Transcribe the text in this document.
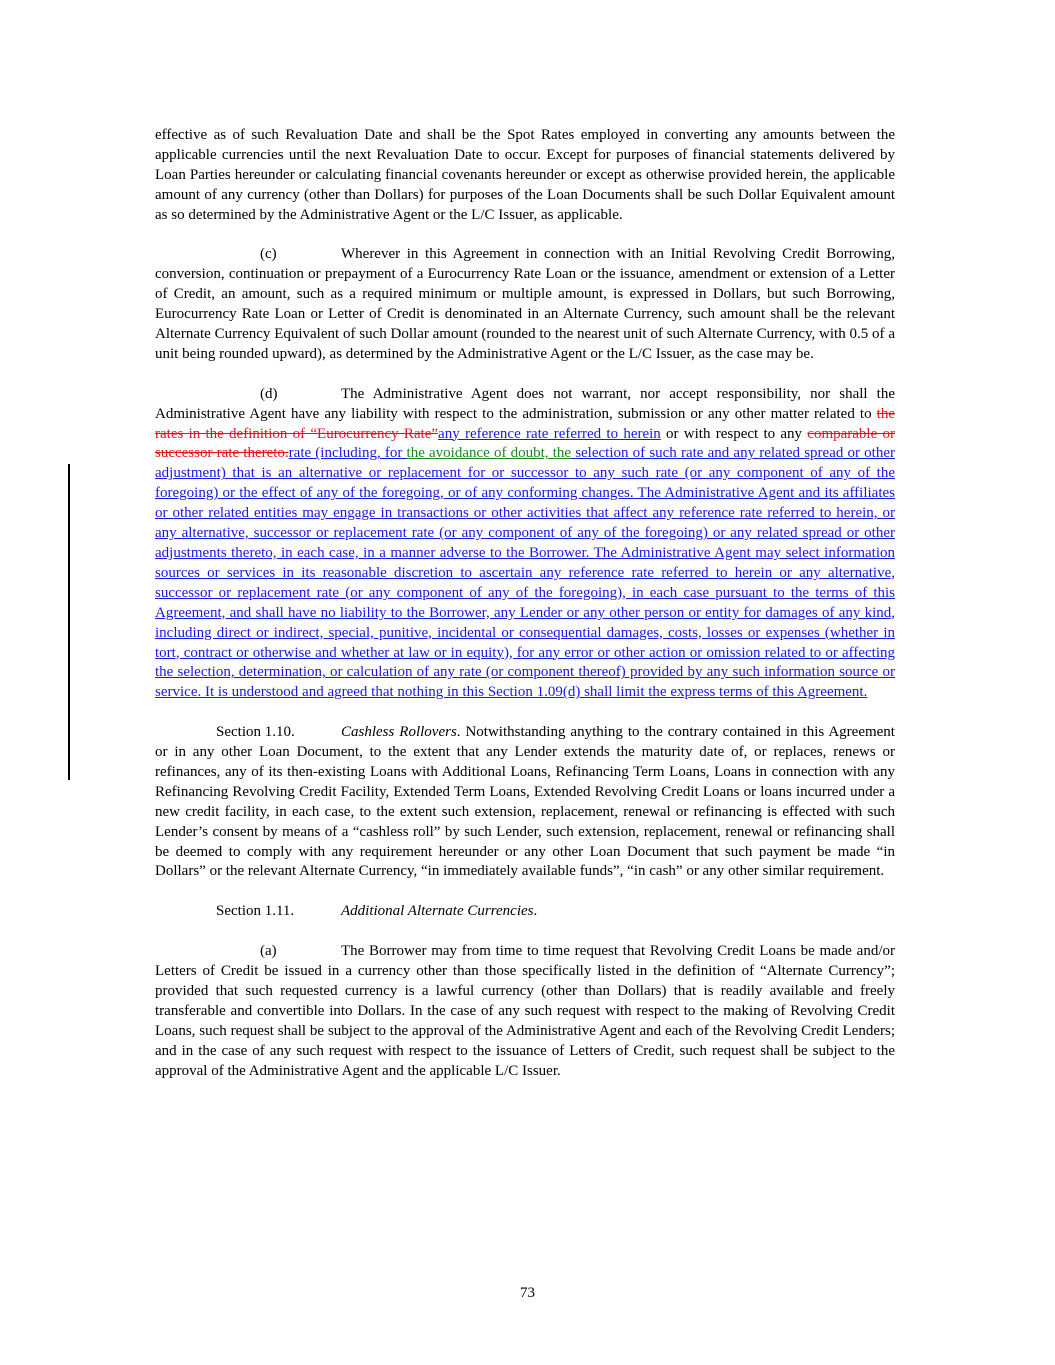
effective as of such Revaluation Date and shall be the Spot Rates employed in converting any amounts between the applicable currencies until the next Revaluation Date to occur. Except for purposes of financial statements delivered by Loan Parties hereunder or calculating financial covenants hereunder or except as otherwise provided herein, the applicable amount of any currency (other than Dollars) for purposes of the Loan Documents shall be such Dollar Equivalent amount as so determined by the Administrative Agent or the L/C Issuer, as applicable.

(c)	Wherever in this Agreement in connection with an Initial Revolving Credit Borrowing, conversion, continuation or prepayment of a Eurocurrency Rate Loan or the issuance, amendment or extension of a Letter of Credit, an amount, such as a required minimum or multiple amount, is expressed in Dollars, but such Borrowing, Eurocurrency Rate Loan or Letter of Credit is denominated in an Alternate Currency, such amount shall be the relevant Alternate Currency Equivalent of such Dollar amount (rounded to the nearest unit of such Alternate Currency, with 0.5 of a unit being rounded upward), as determined by the Administrative Agent or the L/C Issuer, as the case may be.

(d)	The Administrative Agent does not warrant, nor accept responsibility, nor shall the Administrative Agent have any liability with respect to the administration, submission or any other matter related to the rates in the definition of “Eurocurrency Rate”any reference rate referred to herein or with respect to any comparable or successor rate thereto.rate (including, for the avoidance of doubt, the selection of such rate and any related spread or other adjustment) that is an alternative or replacement for or successor to any such rate (or any component of any of the foregoing) or the effect of any of the foregoing, or of any conforming changes. The Administrative Agent and its affiliates or other related entities may engage in transactions or other activities that affect any reference rate referred to herein, or any alternative, successor or replacement rate (or any component of any of the foregoing) or any related spread or other adjustments thereto, in each case, in a manner adverse to the Borrower. The Administrative Agent may select information sources or services in its reasonable discretion to ascertain any reference rate referred to herein or any alternative, successor or replacement rate (or any component of any of the foregoing), in each case pursuant to the terms of this Agreement, and shall have no liability to the Borrower, any Lender or any other person or entity for damages of any kind, including direct or indirect, special, punitive, incidental or consequential damages, costs, losses or expenses (whether in tort, contract or otherwise and whether at law or in equity), for any error or other action or omission related to or affecting the selection, determination, or calculation of any rate (or component thereof) provided by any such information source or service. It is understood and agreed that nothing in this Section 1.09(d) shall limit the express terms of this Agreement.

Section 1.10.	Cashless Rollovers. Notwithstanding anything to the contrary contained in this Agreement or in any other Loan Document, to the extent that any Lender extends the maturity date of, or replaces, renews or refinances, any of its then-existing Loans with Additional Loans, Refinancing Term Loans, Loans in connection with any Refinancing Revolving Credit Facility, Extended Term Loans, Extended Revolving Credit Loans or loans incurred under a new credit facility, in each case, to the extent such extension, replacement, renewal or refinancing is effected with such Lender’s consent by means of a “cashless roll” by such Lender, such extension, replacement, renewal or refinancing shall be deemed to comply with any requirement hereunder or any other Loan Document that such payment be made “in Dollars” or the relevant Alternate Currency, “in immediately available funds”, “in cash” or any other similar requirement.

Section 1.11.	Additional Alternate Currencies.

(a)	The Borrower may from time to time request that Revolving Credit Loans be made and/or Letters of Credit be issued in a currency other than those specifically listed in the definition of “Alternate Currency”; provided that such requested currency is a lawful currency (other than Dollars) that is readily available and freely transferable and convertible into Dollars. In the case of any such request with respect to the making of Revolving Credit Loans, such request shall be subject to the approval of the Administrative Agent and each of the Revolving Credit Lenders; and in the case of any such request with respect to the issuance of Letters of Credit, such request shall be subject to the approval of the Administrative Agent and the applicable L/C Issuer.

73
